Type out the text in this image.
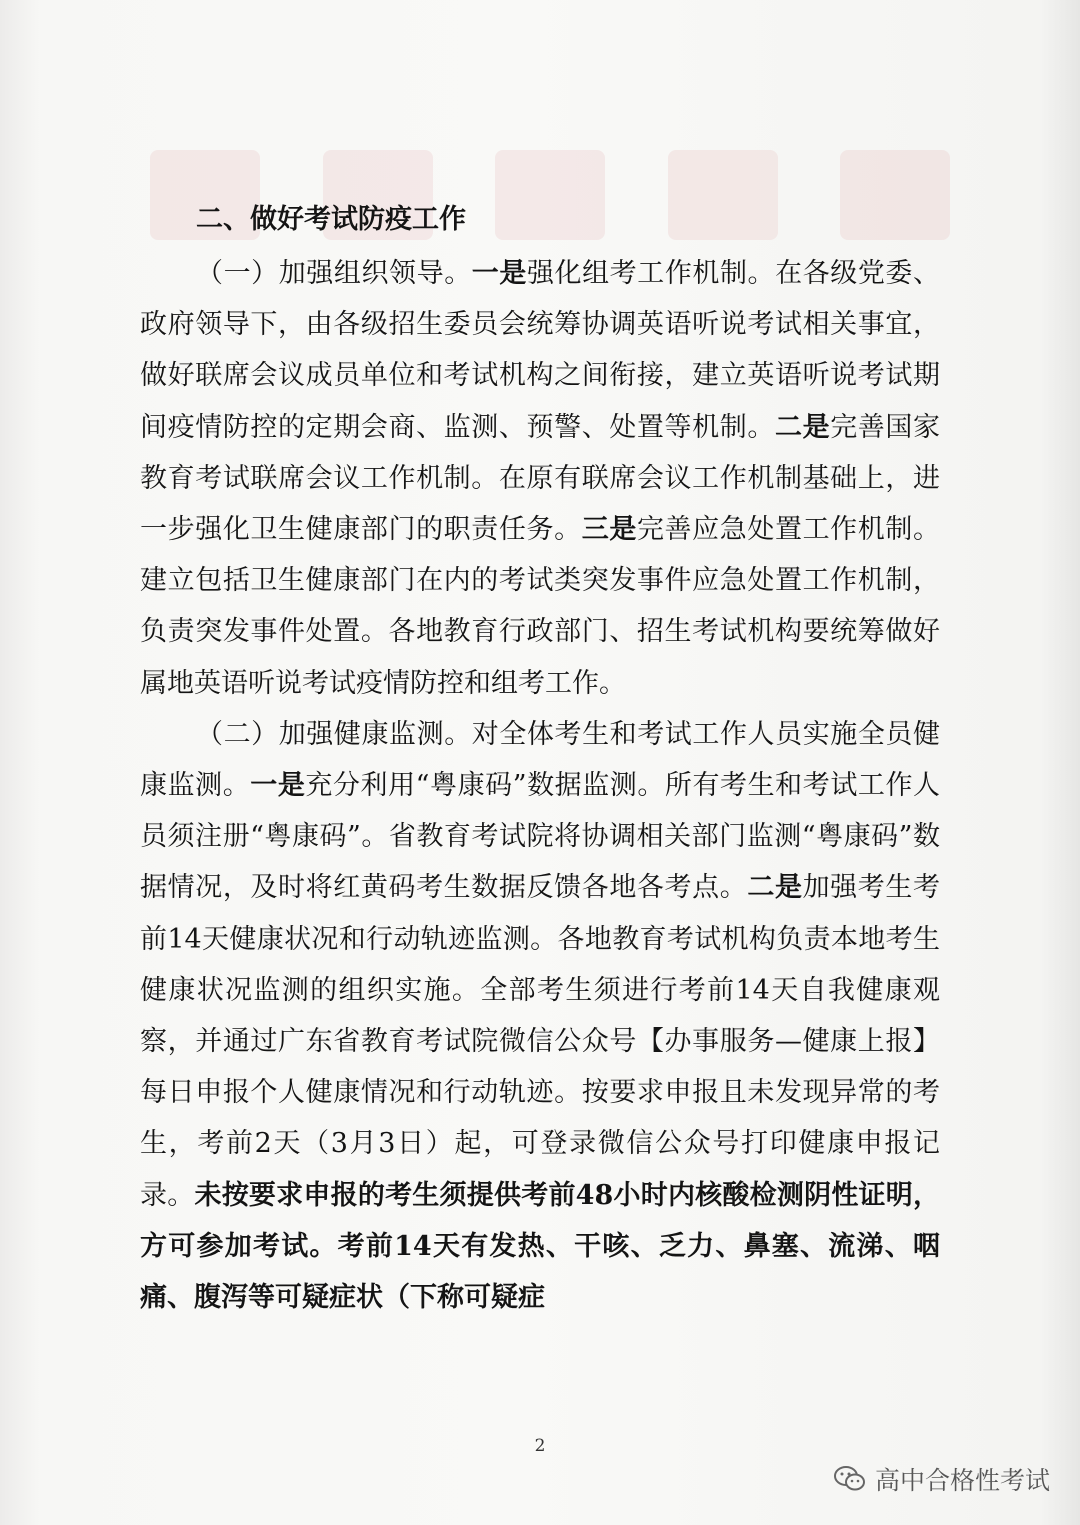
二、做好考试防疫工作

（一）加强组织领导。一是强化组考工作机制。在各级党委、政府领导下，由各级招生委员会统筹协调英语听说考试相关事宜，做好联席会议成员单位和考试机构之间衔接，建立英语听说考试期间疫情防控的定期会商、监测、预警、处置等机制。二是完善国家教育考试联席会议工作机制。在原有联席会议工作机制基础上，进一步强化卫生健康部门的职责任务。三是完善应急处置工作机制。建立包括卫生健康部门在内的考试类突发事件应急处置工作机制，负责突发事件处置。各地教育行政部门、招生考试机构要统筹做好属地英语听说考试疫情防控和组考工作。

（二）加强健康监测。对全体考生和考试工作人员实施全员健康监测。一是充分利用“粤康码”数据监测。所有考生和考试工作人员须注册“粤康码”。省教育考试院将协调相关部门监测“粤康码”数据情况，及时将红黄码考生数据反馈各地各考点。二是加强考生考前14天健康状况和行动轨迹监测。各地教育考试机构负责本地考生健康状况监测的组织实施。全部考生须进行考前14天自我健康观察，并通过广东省教育考试院微信公众号【办事服务—健康上报】每日申报个人健康情况和行动轨迹。按要求申报且未发现异常的考生，考前2天（3月3日）起，可登录微信公众号打印健康申报记录。未按要求申报的考生须提供考前48小时内核酸检测阴性证明，方可参加考试。考前14天有发热、干咳、乏力、鼻塞、流涕、咽痛、腹泻等可疑症状（下称可疑症

2
高中合格性考试
